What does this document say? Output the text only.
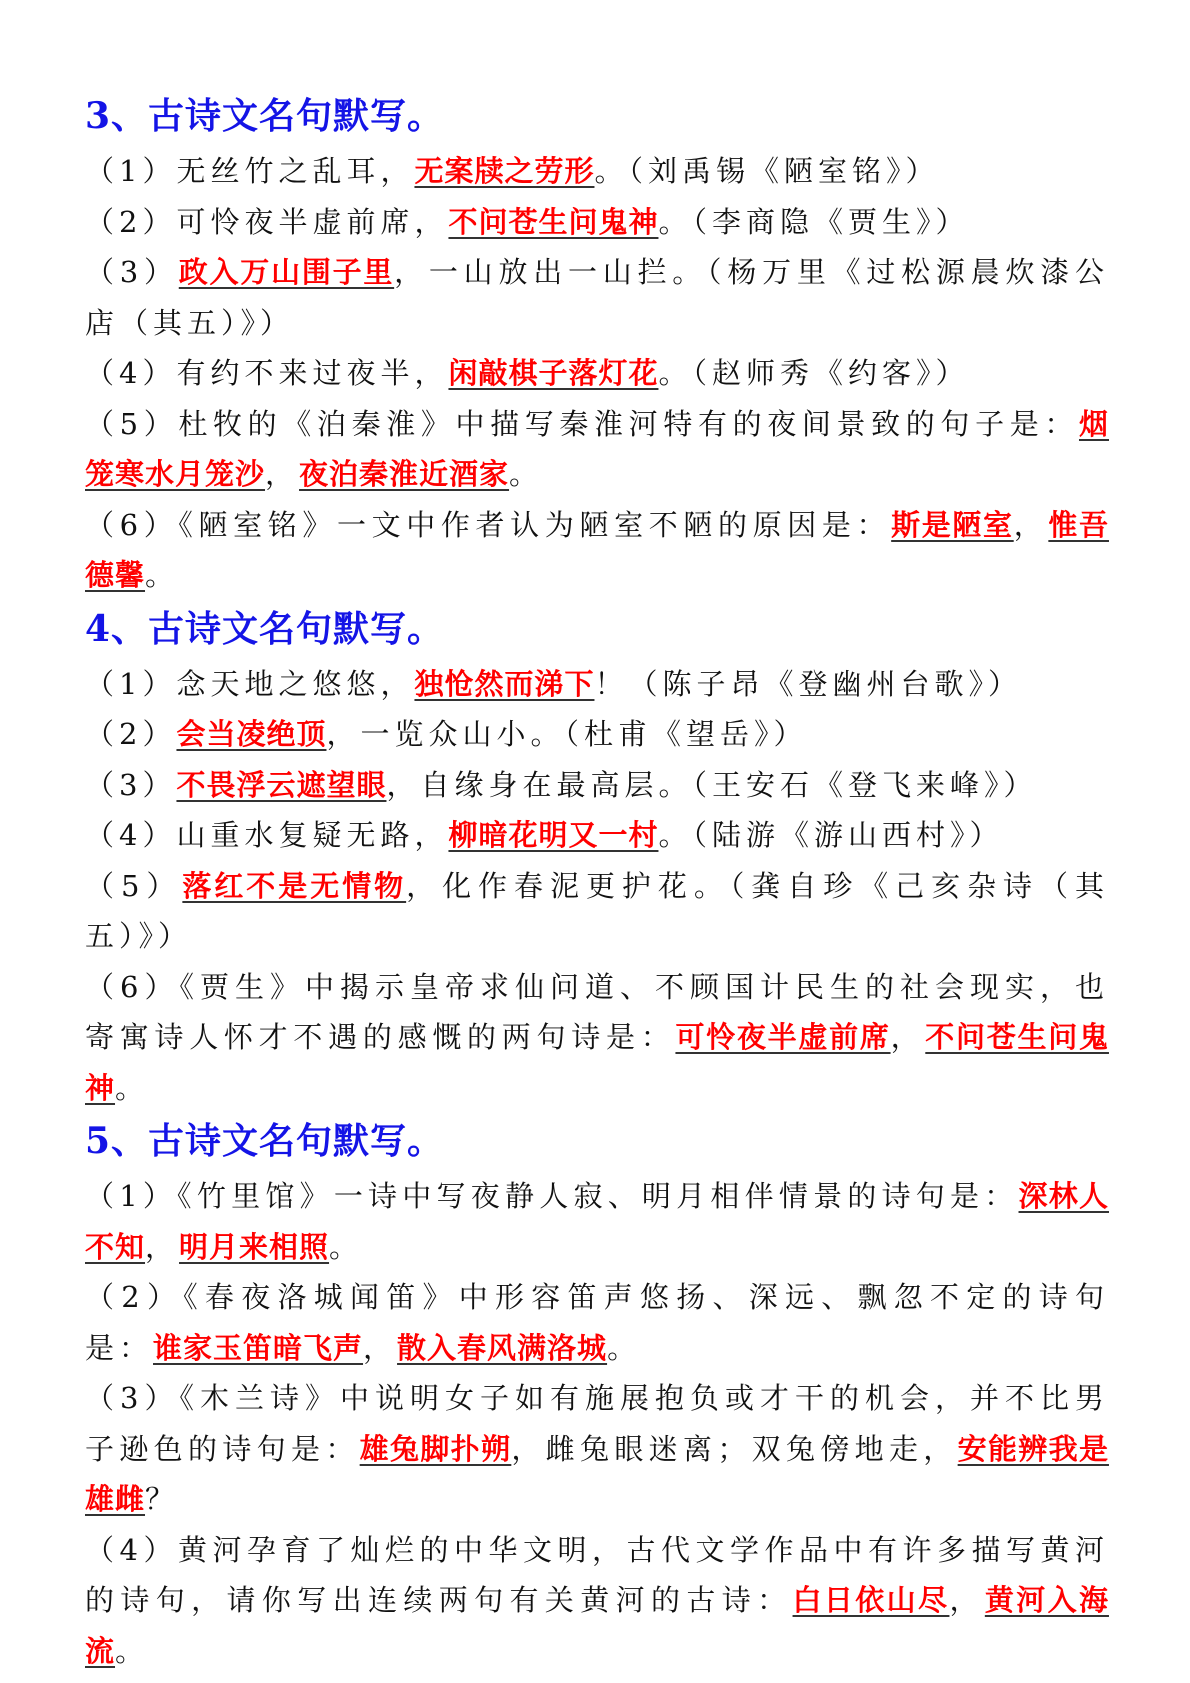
3、古诗文名句默写。

（1）无丝竹之乱耳，无案牍之劳形。（刘禹锡《陋室铭》）

（2）可怜夜半虚前席，不问苍生问鬼神。（李商隐《贾生》）

（3）政入万山围子里，一山放出一山拦。（杨万里《过松源晨炊漆公店（其五）》）

（4）有约不来过夜半，闲敲棋子落灯花。（赵师秀《约客》）

（5）杜牧的《泊秦淮》中描写秦淮河特有的夜间景致的句子是：烟笼寒水月笼沙，夜泊秦淮近酒家。

（6）《陋室铭》一文中作者认为陋室不陋的原因是：斯是陋室，惟吾德馨。

4、古诗文名句默写。

（1）念天地之悠悠，独怆然而涕下！（陈子昂《登幽州台歌》）

（2）会当凌绝顶，一览众山小。（杜甫《望岳》）

（3）不畏浮云遮望眼，自缘身在最高层。（王安石《登飞来峰》）

（4）山重水复疑无路，柳暗花明又一村。（陆游《游山西村》）

（5）落红不是无情物，化作春泥更护花。（龚自珍《己亥杂诗（其五）》）

（6）《贾生》中揭示皇帝求仙问道、不顾国计民生的社会现实，也寄寓诗人怀才不遇的感慨的两句诗是：可怜夜半虚前席，不问苍生问鬼神。

5、古诗文名句默写。

（1）《竹里馆》一诗中写夜静人寂、明月相伴情景的诗句是：深林人不知，明月来相照。

（2）《春夜洛城闻笛》中形容笛声悠扬、深远、飘忽不定的诗句是：谁家玉笛暗飞声，散入春风满洛城。

（3）《木兰诗》中说明女子如有施展抱负或才干的机会，并不比男子逊色的诗句是：雄兔脚扑朔，雌兔眼迷离；双兔傍地走，安能辨我是雄雌？

（4）黄河孕育了灿烂的中华文明，古代文学作品中有许多描写黄河的诗句，请你写出连续两句有关黄河的古诗：白日依山尽，黄河入海流。
